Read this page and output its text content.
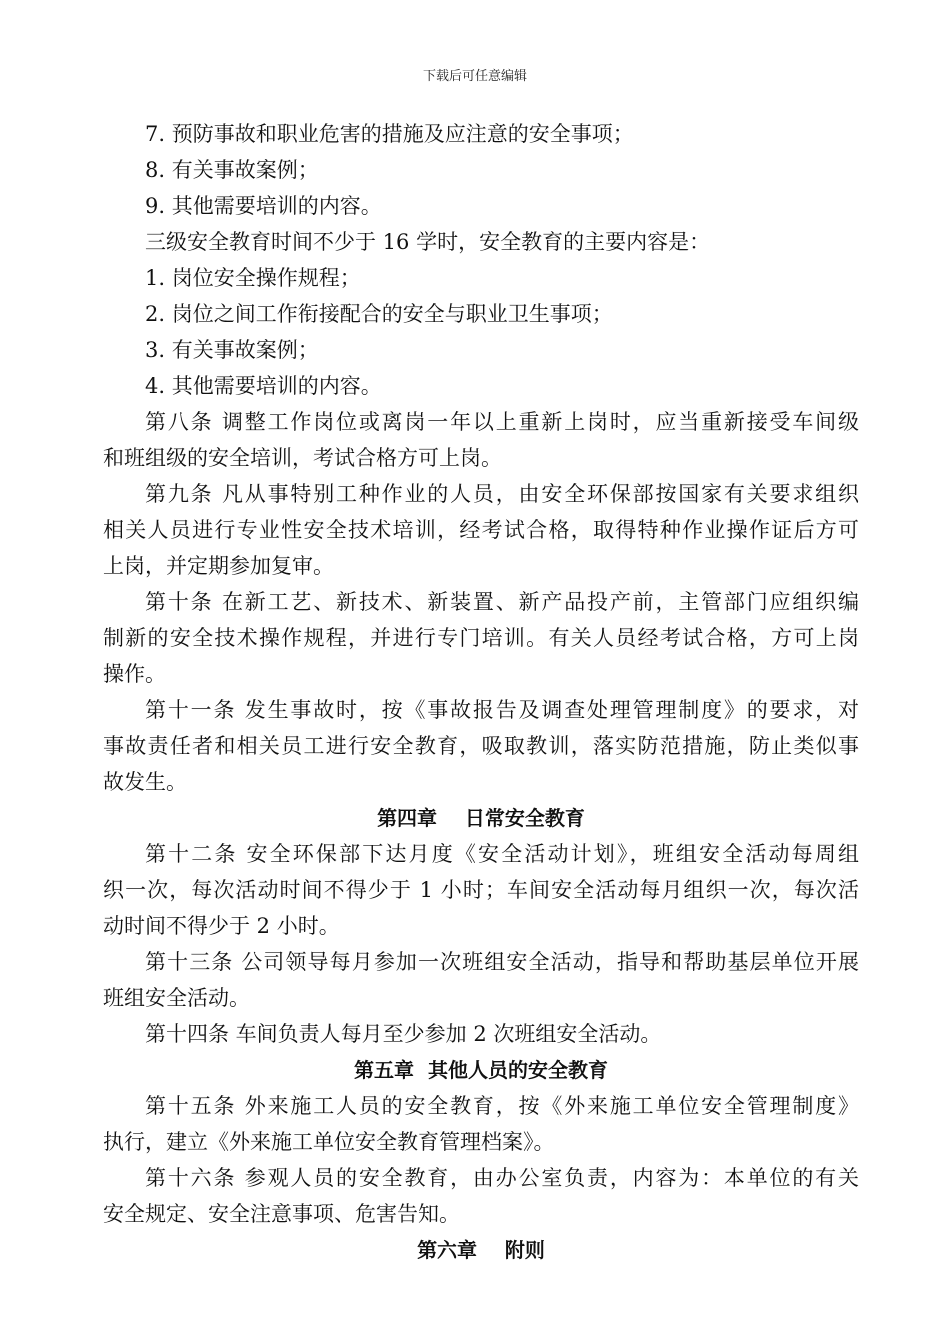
下载后可任意编辑
7. 预防事故和职业危害的措施及应注意的安全事项；
8. 有关事故案例；
9. 其他需要培训的内容。
三级安全教育时间不少于 16 学时，安全教育的主要内容是：
1. 岗位安全操作规程；
2. 岗位之间工作衔接配合的安全与职业卫生事项；
3. 有关事故案例；
4. 其他需要培训的内容。
第八条 调整工作岗位或离岗一年以上重新上岗时，应当重新接受车间级
和班组级的安全培训，考试合格方可上岗。
第九条 凡从事特别工种作业的人员，由安全环保部按国家有关要求组织
相关人员进行专业性安全技术培训，经考试合格，取得特种作业操作证后方可
上岗，并定期参加复审。
第十条 在新工艺、新技术、新装置、新产品投产前，主管部门应组织编
制新的安全技术操作规程，并进行专门培训。有关人员经考试合格，方可上岗
操作。
第十一条 发生事故时，按《事故报告及调查处理管理制度》的要求，对
事故责任者和相关员工进行安全教育，吸取教训，落实防范措施，防止类似事
故发生。
第四章    日常安全教育
第十二条 安全环保部下达月度《安全活动计划》，班组安全活动每周组
织一次，每次活动时间不得少于 1 小时；车间安全活动每月组织一次，每次活
动时间不得少于 2 小时。
第十三条 公司领导每月参加一次班组安全活动，指导和帮助基层单位开展
班组安全活动。
第十四条 车间负责人每月至少参加 2 次班组安全活动。
第五章  其他人员的安全教育
第十五条 外来施工人员的安全教育，按《外来施工单位安全管理制度》
执行，建立《外来施工单位安全教育管理档案》。
第十六条 参观人员的安全教育，由办公室负责，内容为：本单位的有关
安全规定、安全注意事项、危害告知。
第六章    附则
